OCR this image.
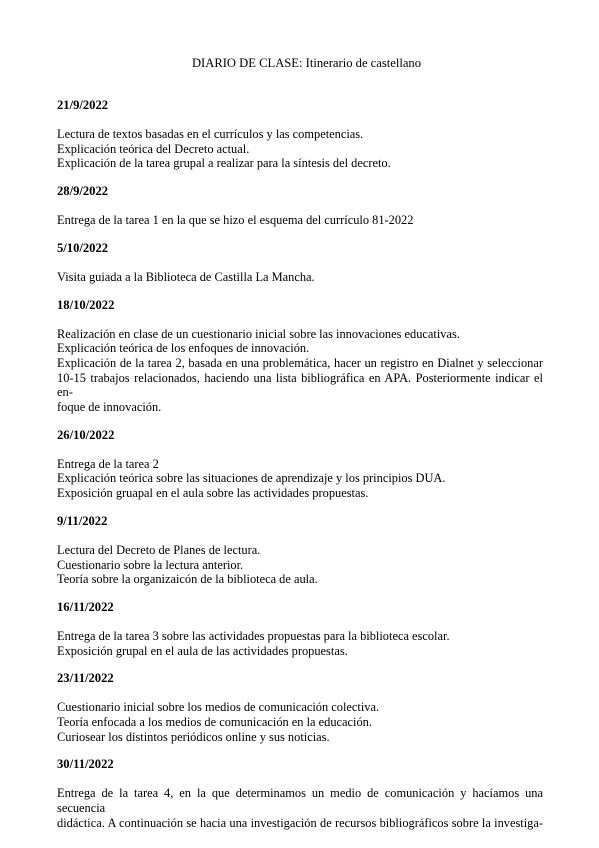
DIARIO DE CLASE: Itinerario de castellano
21/9/2022
Lectura de textos basadas en el currículos y las competencias.
Explicación teórica del Decreto actual.
Explicación de la tarea grupal a realizar para la síntesis del decreto.
28/9/2022
Entrega de la tarea 1 en la que se hizo el esquema del currículo 81-2022
5/10/2022
Visita guiada a la Biblioteca de Castilla La Mancha.
18/10/2022
Realización en clase de un cuestionario inicial sobre las innovaciones educativas.
Explicación teórica de los enfoques de innovación.
Explicación de la tarea 2, basada en una problemática, hacer un registro en Dialnet y seleccionar
10-15 trabajos relacionados, haciendo una lista bibliográfica en APA. Posteriormente indicar el en-
foque de innovación.
26/10/2022
Entrega de la tarea 2
Explicación teórica sobre las situaciones de aprendizaje y los principios DUA.
Exposición gruapal en el aula sobre las actividades propuestas.
9/11/2022
Lectura del Decreto de Planes de lectura.
Cuestionario sobre la lectura anterior.
Teoría sobre la organizaicón de la biblioteca de aula.
16/11/2022
Entrega de la tarea 3 sobre las actividades propuestas para la biblioteca escolar.
Exposición grupal en el aula de las actividades propuestas.
23/11/2022
Cuestionario inicial sobre los medios de comunicación colectiva.
Teoría enfocada a los medios de comunicación en la educación.
Curiosear los distintos periódicos online y sus noticias.
30/11/2022
Entrega de la tarea 4, en la que determinamos un medio de comunicación y hacíamos una secuencia
didáctica. A continuación se hacia una investigación de recursos bibliográficos sobre la investiga-
